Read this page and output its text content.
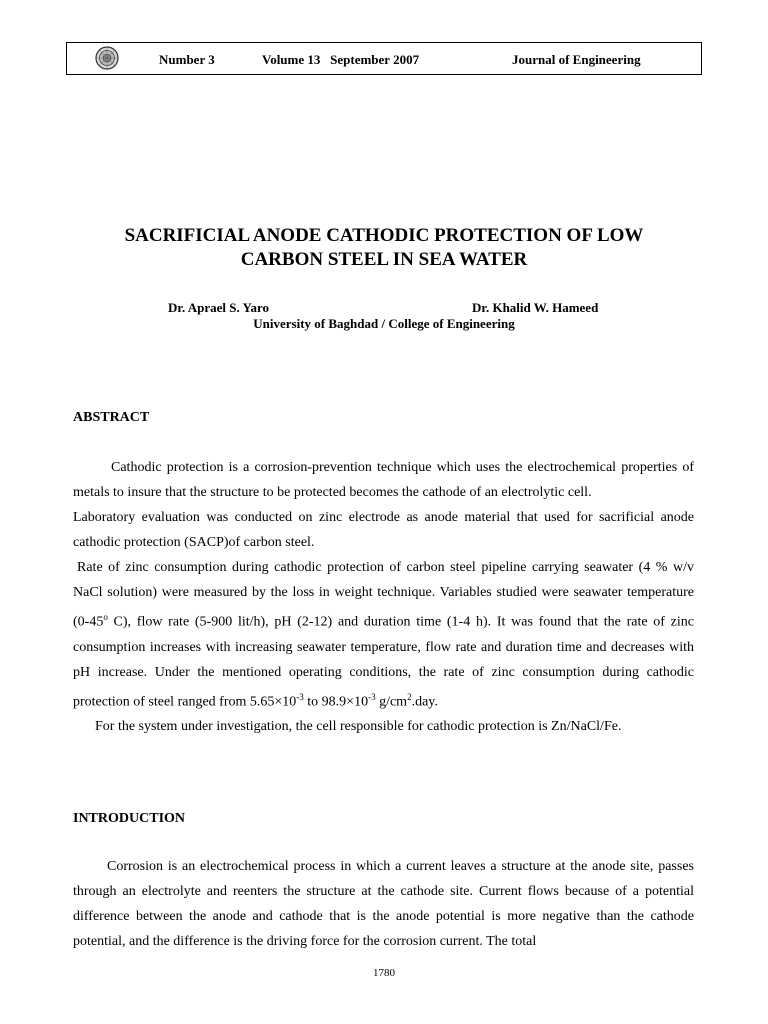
Number 3	Volume 13   September 2007	Journal of Engineering
SACRIFICIAL ANODE CATHODIC PROTECTION OF LOW
CARBON STEEL IN SEA WATER
Dr. Aprael S. Yaro	Dr. Khalid W. Hameed
University of Baghdad / College of Engineering
ABSTRACT

Cathodic protection is a corrosion-prevention technique which uses the electrochemical properties of metals to insure that the structure to be protected becomes the cathode of an electrolytic cell.

Laboratory evaluation was conducted on zinc electrode as anode material that used for sacrificial anode cathodic protection (SACP)of carbon steel.

Rate of zinc consumption during cathodic protection of carbon steel pipeline carrying seawater (4 % w/v NaCl solution) were measured by the loss in weight technique. Variables studied were seawater temperature (0-45$^o$ C), flow rate (5-900 lit/h), pH (2-12) and duration time (1-4 h). It was found that the rate of zinc consumption increases with increasing seawater temperature, flow rate and duration time and decreases with pH increase. Under the mentioned operating conditions, the rate of zinc consumption during cathodic protection of steel ranged from $5.65\times 10^{-3}$ to $98.9\times 10^{-3}$ $g/cm^2.day$.

For the system under investigation, the cell responsible for cathodic protection is Zn/NaCl/Fe.

INTRODUCTION

Corrosion is an electrochemical process in which a current leaves a structure at the anode site, passes through an electrolyte and reenters the structure at the cathode site. Current flows because of a potential difference between the anode and cathode that is the anode potential is more negative than the cathode potential, and the difference is the driving force for the corrosion current. The total

1780
